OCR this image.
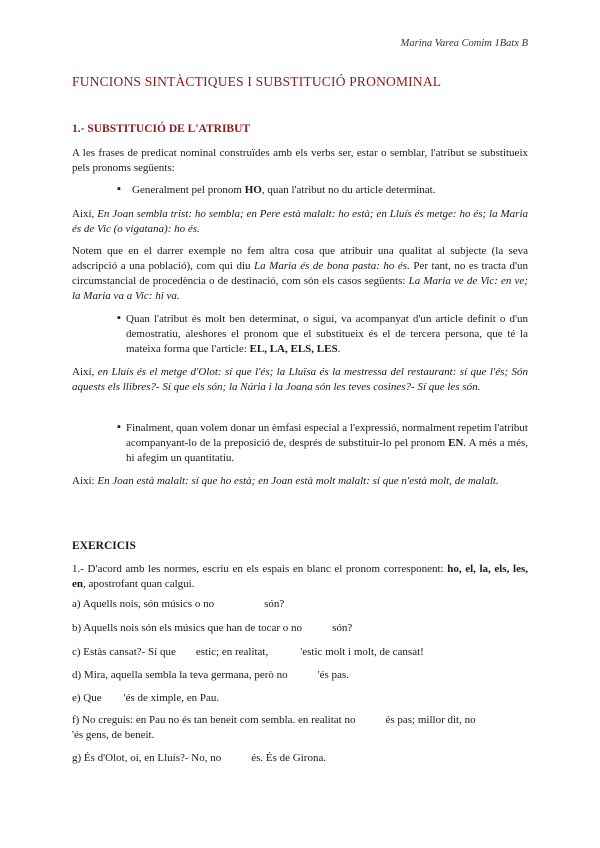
Marina Varea Comim 1Batx B
FUNCIONS SINTÀCTIQUES I SUBSTITUCIÓ PRONOMINAL
1.- SUBSTITUCIÓ DE L'ATRIBUT

A les frases de predicat nominal construïdes amb els verbs ser, estar o semblar, l'atribut se substitueix pels pronoms següents:

▪ Generalment pel pronom HO, quan l'atribut no du article determinat.

Així, En Joan sembla trist: ho sembla; en Pere està malalt: ho està; en Lluís és metge: ho és; la Maria és de Vic (o vigatana): ho és.

Notem que en el darrer exemple no fem altra cosa que atribuir una qualitat al subjecte (la seva adscripció a una població), com qui diu La Maria és de bona pasta: ho és. Per tant, no es tracta d'un circumstancial de procedència o de destinació, com són els casos següents: La Maria ve de Vic: en ve; la Maria va a Vic: hi va.

▪ Quan l'atribut és molt ben determinat, o sigui, va acompanyat d'un article definit o d'un demostratiu, aleshores el pronom que el substitueix és el de tercera persona, que té la mateixa forma que l'article: EL, LA, ELS, LES.

Així, en Lluís és el metge d'Olot: sí que l'és; la Lluïsa és la mestressa del restaurant: sí que l'és; Són aquests els llibres?- Sí que els són; la Núria i la Joana són les teves cosines?- Sí que les són.

▪ Finalment, quan volem donar un èmfasi especial a l'expressió, normalment repetim l'atribut acompanyant-lo de la preposició de, després de substituir-lo pel pronom EN. A més a més, hi afegim un quantitatiu.

Així: En Joan està malalt: sí que ho està; en Joan està molt malalt: sí que n'està molt, de malalt.

EXERCICIS

1.- D'acord amb les normes, escriu en els espais en blanc el pronom corresponent: ho, el, la, els, les, en, apostrofant quan calgui.

a) Aquells nois, són músics o no	són?
b) Aquells nois són els músics que han de tocar o no	són?
c) Estàs cansat?- Sí que estic; en realitat,	'estic molt i molt, de cansat!
d) Mira, aquella sembla la teva germana, però no	'és pas.
e) Que 'és de ximple, en Pau.
f) No creguis: en Pau no és tan beneit com sembla. en realitat no	és pas; millor dit, no
'és gens, de beneit.
g) És d'Olot, oi, en Lluís?- No, no	és. És de Girona.
